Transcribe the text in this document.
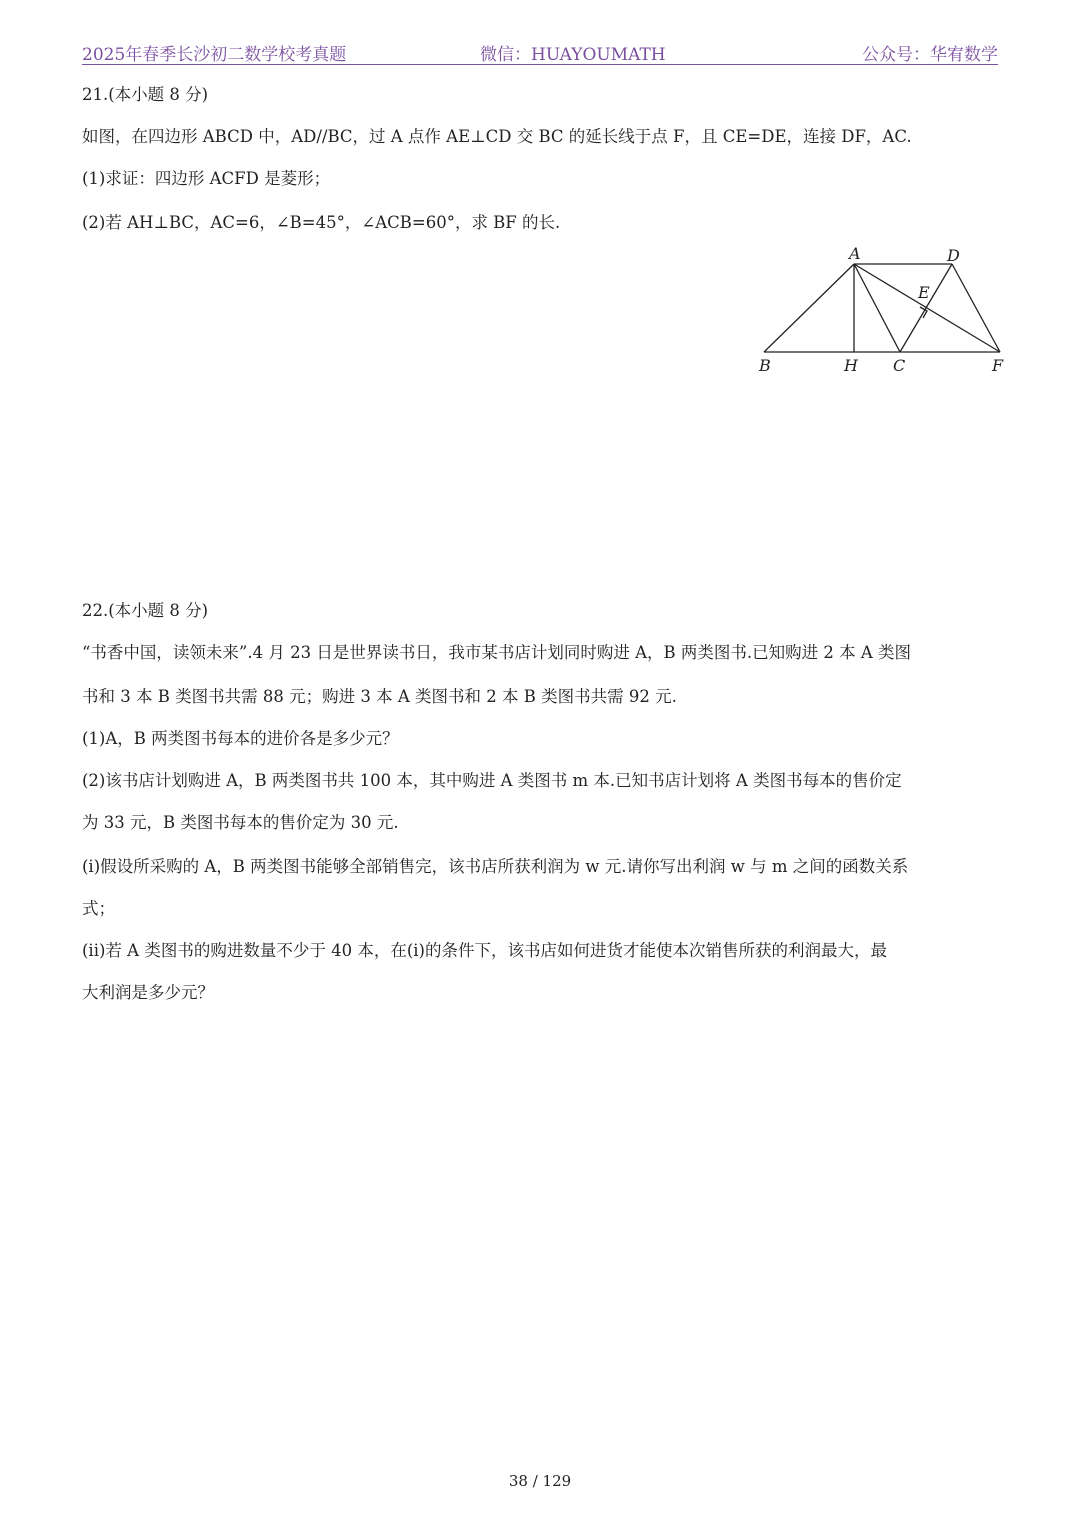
2025年春季长沙初二数学校考真题	微信：HUAYOUMATH	公众号：华宥数学
21.(本小题 8 分)
如图，在四边形 ABCD 中，AD//BC，过 A 点作 AE⊥CD 交 BC 的延长线于点 F，且 CE=DE，连接 DF，AC.
(1)求证：四边形 ACFD 是菱形；
(2)若 AH⊥BC，AC=6，∠B=45°，∠ACB=60°，求 BF 的长.
A	D
E
B	H C	F
22.(本小题 8 分)
“书香中国，读领未来”.4 月 23 日是世界读书日，我市某书店计划同时购进 A，B 两类图书.已知购进 2 本 A 类图
书和 3 本 B 类图书共需 88 元；购进 3 本 A 类图书和 2 本 B 类图书共需 92 元.
(1)A，B 两类图书每本的进价各是多少元？
(2)该书店计划购进 A，B 两类图书共 100 本，其中购进 A 类图书 m 本.已知书店计划将 A 类图书每本的售价定
为 33 元，B 类图书每本的售价定为 30 元.
(i)假设所采购的 A，B 两类图书能够全部销售完，该书店所获利润为 w 元.请你写出利润 w 与 m 之间的函数关系
式；
(ii)若 A 类图书的购进数量不少于 40 本，在(i)的条件下，该书店如何进货才能使本次销售所获的利润最大，最
大利润是多少元？
38 / 129
